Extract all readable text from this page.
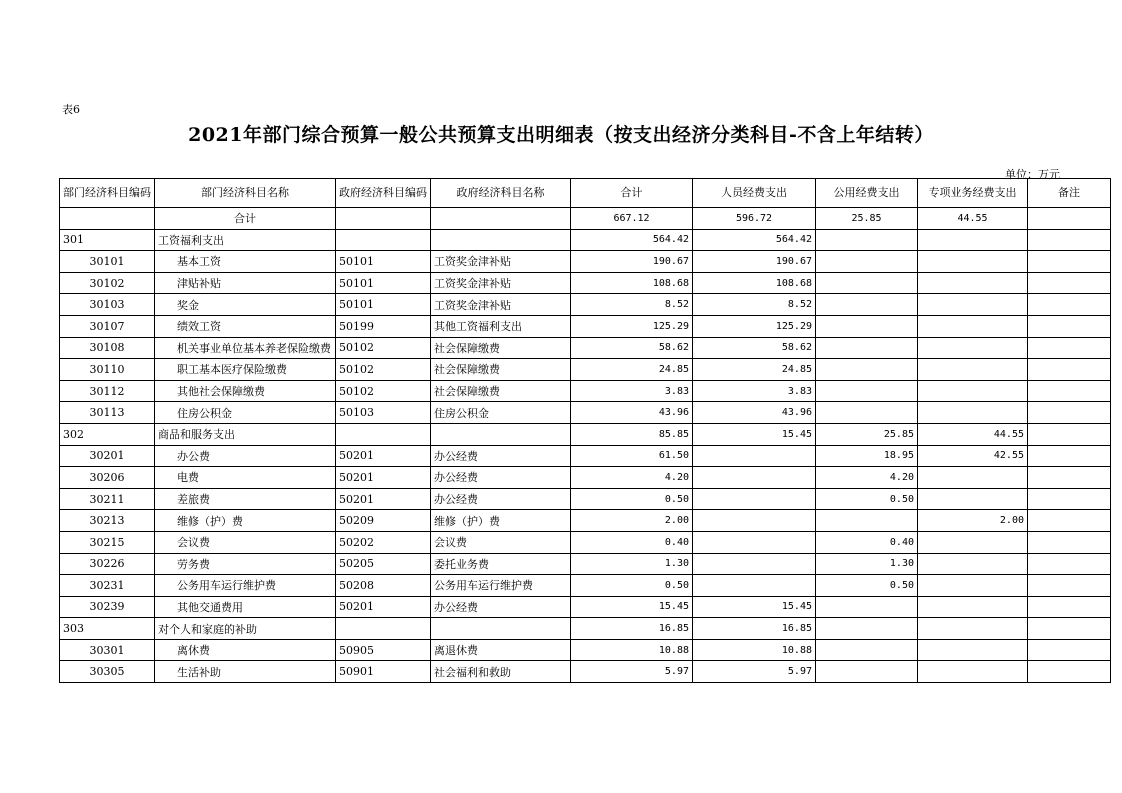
表6
2021年部门综合预算一般公共预算支出明细表（按支出经济分类科目-不含上年结转）
单位：万元
部门经济科目编码	部门经济科目名称	政府经济科目编码	政府经济科目名称	合计	人员经费支出	公用经费支出	专项业务经费支出	备注
	合计			667.12	596.72	25.85	44.55	
301	工资福利支出			564.42	564.42			
30101	基本工资	50101	工资奖金津补贴	190.67	190.67			
30102	津贴补贴	50101	工资奖金津补贴	108.68	108.68			
30103	奖金	50101	工资奖金津补贴	8.52	8.52			
30107	绩效工资	50199	其他工资福利支出	125.29	125.29			
30108	机关事业单位基本养老保险缴费	50102	社会保障缴费	58.62	58.62			
30110	职工基本医疗保险缴费	50102	社会保障缴费	24.85	24.85			
30112	其他社会保障缴费	50102	社会保障缴费	3.83	3.83			
30113	住房公积金	50103	住房公积金	43.96	43.96			
302	商品和服务支出			85.85	15.45	25.85	44.55	
30201	办公费	50201	办公经费	61.50		18.95	42.55	
30206	电费	50201	办公经费	4.20		4.20		
30211	差旅费	50201	办公经费	0.50		0.50		
30213	维修（护）费	50209	维修（护）费	2.00			2.00	
30215	会议费	50202	会议费	0.40		0.40		
30226	劳务费	50205	委托业务费	1.30		1.30		
30231	公务用车运行维护费	50208	公务用车运行维护费	0.50		0.50		
30239	其他交通费用	50201	办公经费	15.45	15.45			
303	对个人和家庭的补助			16.85	16.85			
30301	离休费	50905	离退休费	10.88	10.88			
30305	生活补助	50901	社会福利和救助	5.97	5.97			
